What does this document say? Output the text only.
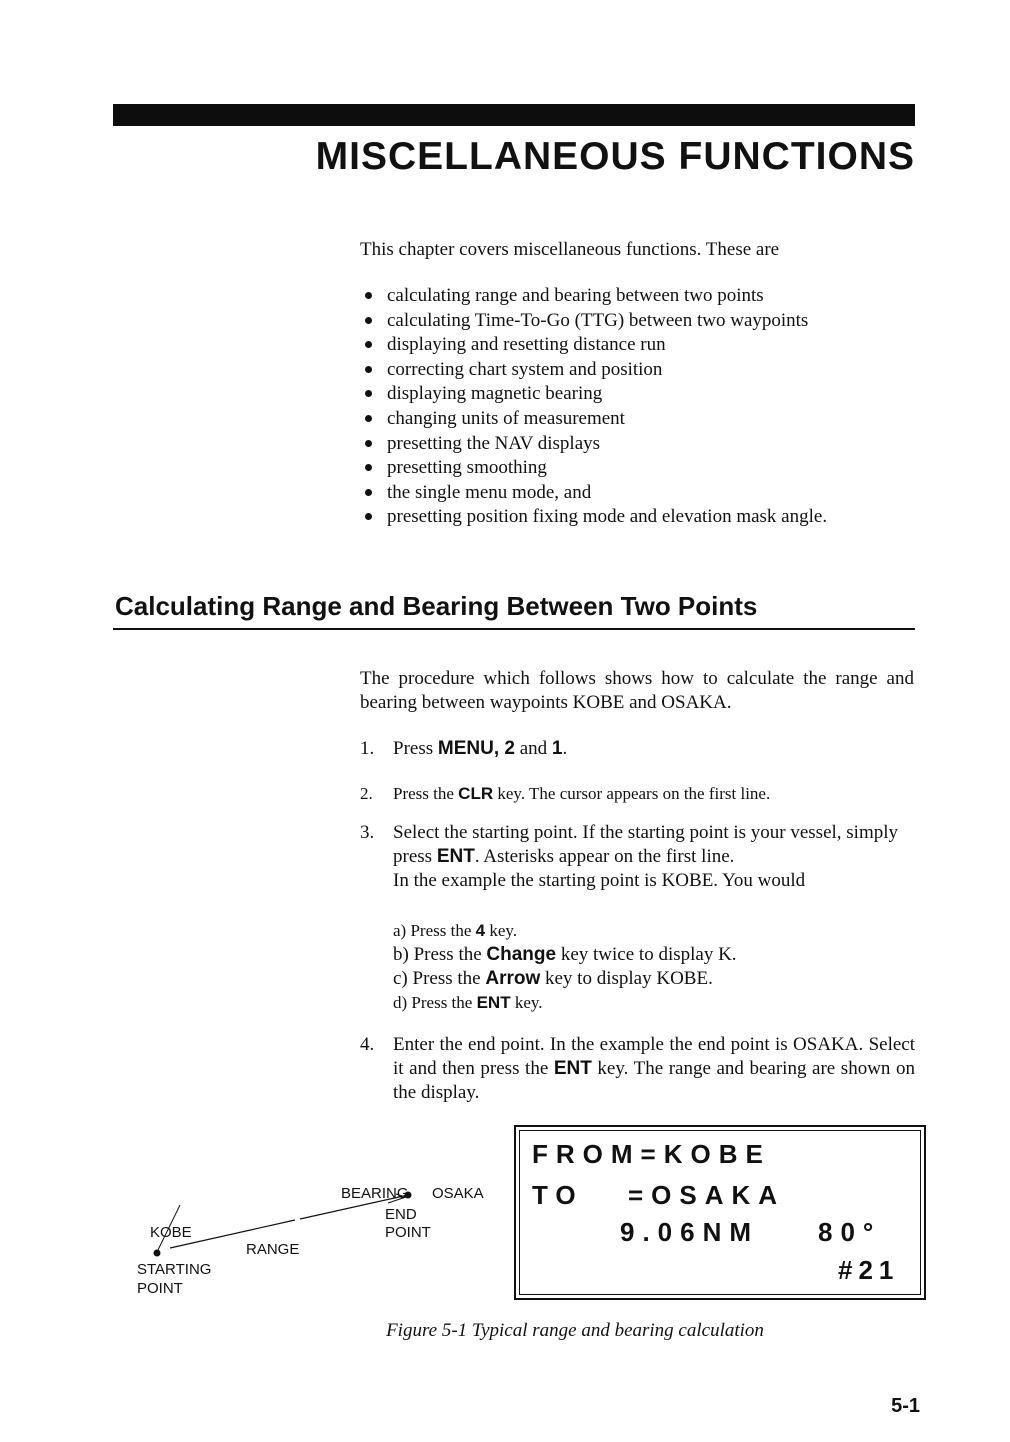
MISCELLANEOUS FUNCTIONS
This chapter covers miscellaneous functions. These are
calculating range and bearing between two points
calculating Time-To-Go (TTG) between two waypoints
displaying and resetting distance run
correcting chart system and position
displaying magnetic bearing
changing units of measurement
presetting the NAV displays
presetting smoothing
the single menu mode, and
presetting position fixing mode and elevation mask angle.
Calculating Range and Bearing Between Two Points
The procedure which follows shows how to calculate the range and bearing between waypoints KOBE and OSAKA.
1. Press MENU, 2 and 1.
2. Press the CLR key. The cursor appears on the first line.
3. Select the starting point. If the starting point is your vessel, simply press ENT. Asterisks appear on the first line.
In the example the starting point is KOBE. You would
a) Press the 4 key.
b) Press the Change key twice to display K.
c) Press the Arrow key to display KOBE.
d) Press the ENT key.
4. Enter the end point. In the example the end point is OSAKA. Select it and then press the ENT key. The range and bearing are shown on the display.
BEARING OSAKA
END
POINT
KOBE
RANGE
STARTING
POINT
FROM=KOBE
TO =OSAKA
9.06NM 80°
#21
Figure 5-1 Typical range and bearing calculation
5-1
